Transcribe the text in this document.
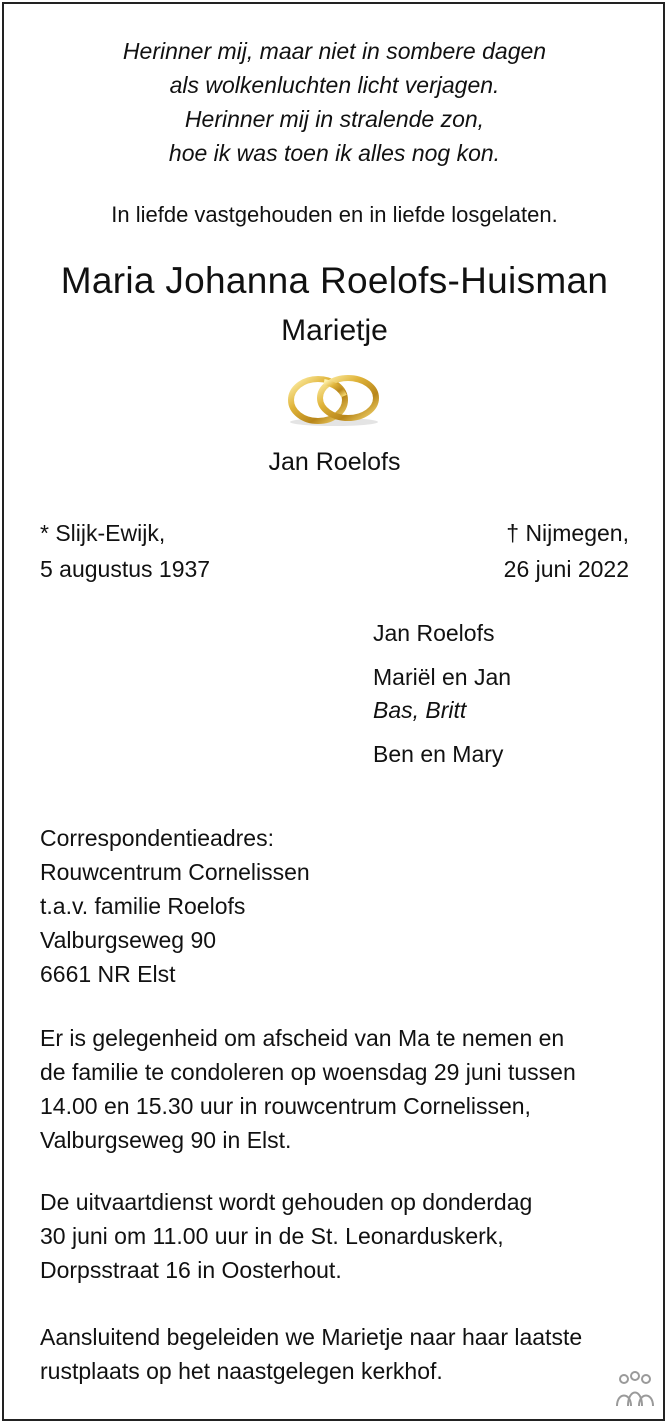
Herinner mij, maar niet in sombere dagen
als wolkenluchten licht verjagen.
Herinner mij in stralende zon,
hoe ik was toen ik alles nog kon.
In liefde vastgehouden en in liefde losgelaten.
Maria Johanna Roelofs-Huisman
Marietje
Jan Roelofs
* Slijk-Ewijk,
5 augustus 1937
† Nijmegen,
26 juni 2022
Jan Roelofs
Mariël en Jan
Bas, Britt
Ben en Mary
Correspondentieadres:
Rouwcentrum Cornelissen
t.a.v. familie Roelofs
Valburgseweg 90
6661 NR Elst
Er is gelegenheid om afscheid van Ma te nemen en
de familie te condoleren op woensdag 29 juni tussen
14.00 en 15.30 uur in rouwcentrum Cornelissen,
Valburgseweg 90 in Elst.
De uitvaartdienst wordt gehouden op donderdag
30 juni om 11.00 uur in de St. Leonarduskerk,
Dorpsstraat 16 in Oosterhout.
Aansluitend begeleiden we Marietje naar haar laatste
rustplaats op het naastgelegen kerkhof.
